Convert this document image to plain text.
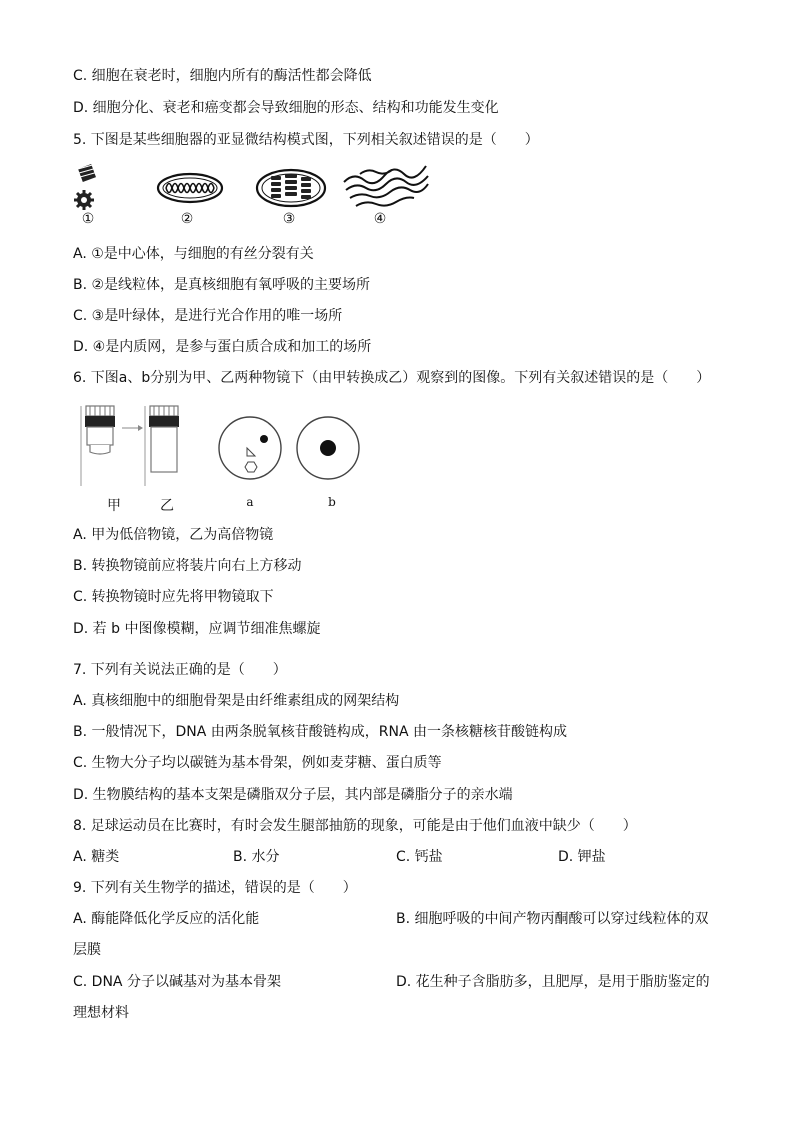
C. 细胞在衰老时，细胞内所有的酶活性都会降低
D. 细胞分化、衰老和癌变都会导致细胞的形态、结构和功能发生变化
5. 下图是某些细胞器的亚显微结构模式图，下列相关叙述错误的是（　　）
①	②	③	④
A. ①是中心体，与细胞的有丝分裂有关
B. ②是线粒体，是真核细胞有氧呼吸的主要场所
C. ③是叶绿体，是进行光合作用的唯一场所
D. ④是内质网，是参与蛋白质合成和加工的场所
6. 下图a、b分别为甲、乙两种物镜下（由甲转换成乙）观察到的图像。下列有关叙述错误的是（　　）
甲	乙	a	b
A. 甲为低倍物镜，乙为高倍物镜
B. 转换物镜前应将装片向右上方移动
C. 转换物镜时应先将甲物镜取下
D. 若 b 中图像模糊，应调节细准焦螺旋
7. 下列有关说法正确的是（　　）
A. 真核细胞中的细胞骨架是由纤维素组成的网架结构
B. 一般情况下，DNA 由两条脱氧核苷酸链构成，RNA 由一条核糖核苷酸链构成
C. 生物大分子均以碳链为基本骨架，例如麦芽糖、蛋白质等
D. 生物膜结构的基本支架是磷脂双分子层，其内部是磷脂分子的亲水端
8. 足球运动员在比赛时，有时会发生腿部抽筋的现象，可能是由于他们血液中缺少（　　）
A. 糖类	B. 水分	C. 钙盐	D. 钾盐
9. 下列有关生物学的描述，错误的是（　　）
A. 酶能降低化学反应的活化能	B. 细胞呼吸的中间产物丙酮酸可以穿过线粒体的双
层膜
C. DNA 分子以碱基对为基本骨架	D. 花生种子含脂肪多，且肥厚，是用于脂肪鉴定的
理想材料
